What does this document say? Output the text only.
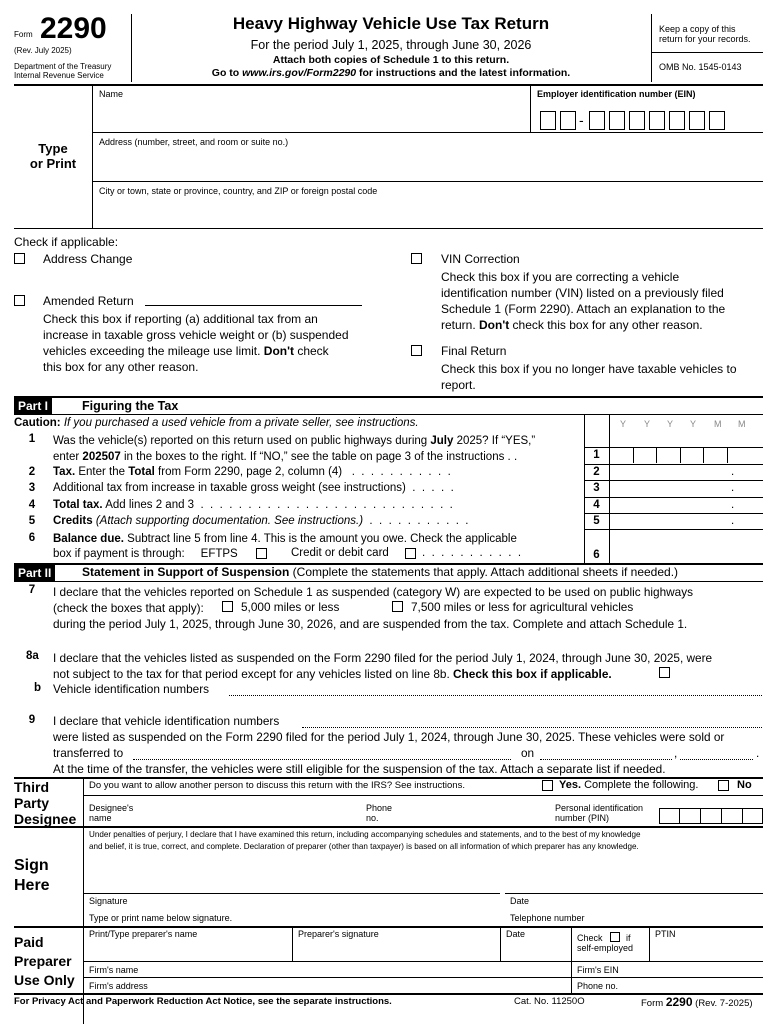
Form 2290
(Rev. July 2025)
Department of the Treasury
Internal Revenue Service
Heavy Highway Vehicle Use Tax Return
For the period July 1, 2025, through June 30, 2026
Attach both copies of Schedule 1 to this return.
Go to www.irs.gov/Form2290 for instructions and the latest information.
Keep a copy of this
return for your records.
OMB No. 1545-0143
Type
or Print
Name	Employer identification number (EIN)
-
Address (number, street, and room or suite no.)
City or town, state or province, country, and ZIP or foreign postal code
Check if applicable:
Address Change
Amended Return
Check this box if reporting (a) additional tax from an
increase in taxable gross vehicle weight or (b) suspended
vehicles exceeding the mileage use limit. Don't check
this box for any other reason.
VIN Correction
Check this box if you are correcting a vehicle
identification number (VIN) listed on a previously filed
Schedule 1 (Form 2290). Attach an explanation to the
return. Don't check this box for any other reason.
Final Return
Check this box if you no longer have taxable vehicles to
report.
Part I	Figuring the Tax
Caution: If you purchased a used vehicle from a private seller, see instructions.	Y Y Y Y M M
1	Was the vehicle(s) reported on this return used on public highways during July 2025? If “YES,”
enter 202507 in the boxes to the right. If “NO,” see the table on page 3 of the instructions . .	1
2	Tax. Enter the Total from Form 2290, page 2, column (4)   .  .  .  .  .  .  .  .  .  .  .	2	.
3	Additional tax from increase in taxable gross weight (see instructions)  .  .  .  .  .	3	.
4	Total tax. Add lines 2 and 3  .  .  .  .  .  .  .  .  .  .  .  .  .  .  .  .  .  .  .  .  .  .  .  .  .  .  .	4	.
5	Credits (Attach supporting documentation. See instructions.)  .  .  .  .  .  .  .  .  .  .  .	5	.
6	Balance due. Subtract line 5 from line 4. This is the amount you owe. Check the applicable
box if payment is through: EFTPS	Credit or debit card	.  .  .  .  .  .  .  .  .  .  .	6
Part II	Statement in Support of Suspension (Complete the statements that apply. Attach additional sheets if needed.)
7	I declare that the vehicles reported on Schedule 1 as suspended (category W) are expected to be used on public highways
(check the boxes that apply):
during the period July 1, 2025, through June 30, 2026, and are suspended from the tax. Complete and attach Schedule 1.
5,000 miles or less	7,500 miles or less for agricultural vehicles
8a I declare that the vehicles listed as suspended on the Form 2290 filed for the period July 1, 2024, through June 30, 2025, were
not subject to the tax for that period except for any vehicles listed on line 8b. Check this box if applicable.
b Vehicle identification numbers
9	I declare that vehicle identification numbers
were listed as suspended on the Form 2290 filed for the period July 1, 2024, through June 30, 2025. These vehicles were sold or
transferred to	on	,	.
At the time of the transfer, the vehicles were still eligible for the suspension of the tax. Attach a separate list if needed.
Third
Party
Designee
Do you want to allow another person to discuss this return with the IRS? See instructions.	Yes. Complete the following.	No
Designee's
name
Phone
no.
Personal identification
number (PIN)
Sign
Here
Under penalties of perjury, I declare that I have examined this return, including accompanying schedules and statements, and to the best of my knowledge
and belief, it is true, correct, and complete. Declaration of preparer (other than taxpayer) is based on all information of which preparer has any knowledge.
Signature	Date
Type or print name below signature.	Telephone number
Paid
Preparer
Use Only
Print/Type preparer's name	Preparer's signature	Date	Check	if
self-employed
PTIN
Firm's name	Firm's EIN
Firm's address	Phone no.
For Privacy Act and Paperwork Reduction Act Notice, see the separate instructions.	Cat. No. 11250O	Form 2290 (Rev. 7-2025)
